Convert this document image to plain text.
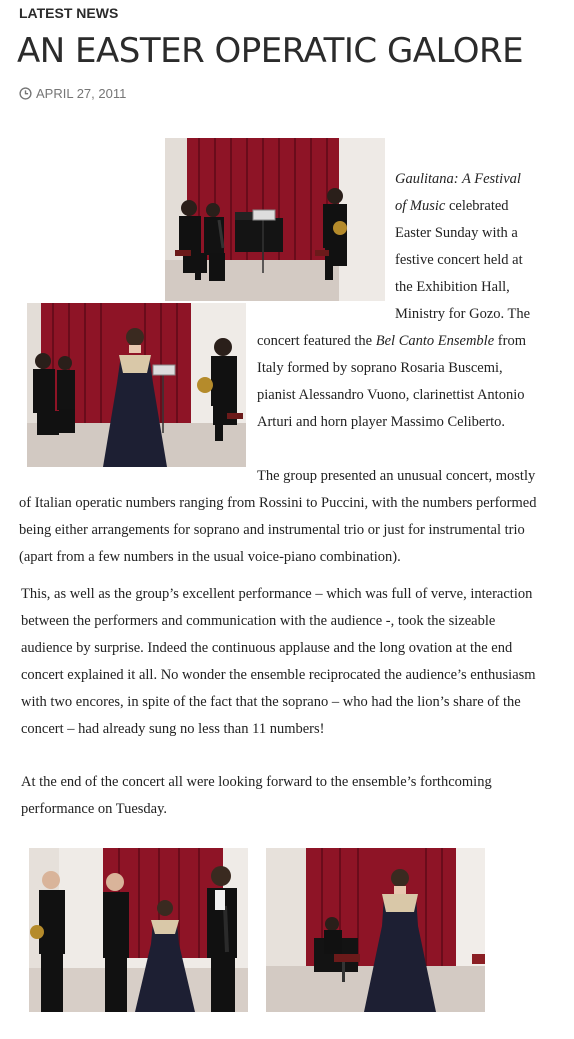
LATEST NEWS
AN EASTER OPERATIC GALORE
APRIL 27, 2011
Gaulitana: A Festival
of Music celebrated
Easter Sunday with a
festive concert held at
the Exhibition Hall,
Ministry for Gozo. The
concert featured the Bel Canto Ensemble from
Italy formed by soprano Rosaria Buscemi,
pianist Alessandro Vuono, clarinettist Antonio
Arturi and horn player Massimo Celiberto.
The group presented an unusual concert, mostly
of Italian operatic numbers ranging from Rossini to Puccini, with the numbers performed
being either arrangements for soprano and instrumental trio or just for instrumental trio
(apart from a few numbers in the usual voice-piano combination).
This, as well as the group’s excellent performance – which was full of verve, interaction
between the performers and communication with the audience -, took the sizeable
audience by surprise. Indeed the continuous applause and the long ovation at the end
concert explained it all. No wonder the ensemble reciprocated the audience’s enthusiasm
with two encores, in spite of the fact that the soprano – who had the lion’s share of the
concert – had already sung no less than 11 numbers!
At the end of the concert all were looking forward to the ensemble’s forthcoming
performance on Tuesday.
